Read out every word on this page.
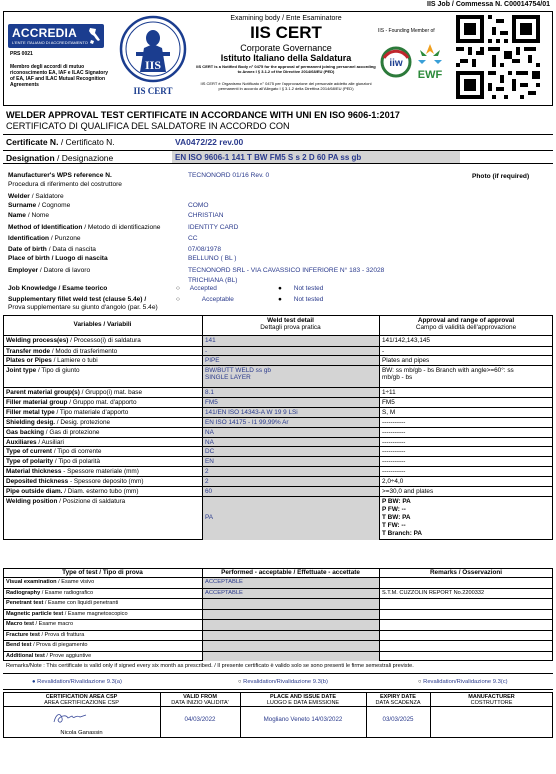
IIS Job / Commessa N. C00014754/01
ACCREDIA
L'ENTE ITALIANO DI ACCREDITAMENTO
PRS 0021
Membro degli accordi di mutuo riconoscimento EA, IAF e ILAC Signatory of EA, IAF and ILAC Mutual Recognition Agreements
IIS
IIS CERT
Examining body / Ente Esaminatore
IIS CERT
Corporate Governance
Istituto Italiano della Saldatura
IIS CERT is a Notified Body n° 0475 for the approval of permanent joining personnel according to Annex I § 3.1.2 of the Directive 2014/68/EU (PED)
IIS CERT è Organismo Notificato n° 0475 per l'approvazione del personale addetto alle giunzioni permanenti in accordo all'Allegato I § 3.1.2 della Direttiva 2014/68/EU (PED)
IIS - Founding Member of
iiw
EWF
WELDER APPROVAL TEST CERTIFICATE IN ACCORDANCE WITH UNI EN ISO 9606-1:2017
CERTIFICATO DI QUALIFICA DEL SALDATORE IN ACCORDO CON
Certificate N. / Certificato N.	VA0472/22 rev.00
Designation / Designazione	EN ISO 9606-1 141 T BW FM5 S s 2 D 60 PA ss gb
Manufacturer's WPS reference N.	TECNONORD 01/16 Rev. 0
Procedura di riferimento del costruttore
Welder / Saldatore
Surname / Cognome	COMO
Name / Nome	CHRISTIAN
Method of Identification / Metodo di identificazione	IDENTITY CARD
Identification / Punzone	CC
Date of birth / Data di nascita	07/08/1978
Place of birth / Luogo di nascita	BELLUNO ( BL )
Employer / Datore di lavoro	TECNONORD SRL - VIA CAVASSICO INFERIORE N° 183 - 32028
TRICHIANA (BL)
Photo (if required)
Job Knowledge / Esame teorico	○ Accepted	● Not tested
Supplementary fillet weld test (clause 5.4e) /
Prova supplementare su giunto d'angolo (par. 5.4e)
○	Acceptable	● Not tested
Variables / Variabili
Weld test detail
Dettagli prova pratica
Approval and range of approval
Campo di validità dell'approvazione
Welding process(es) / Processo(i) di saldatura	141	141/142,143,145
Transfer mode / Modo di trasferimento	-	-
Plates or Pipes / Lamiere o tubi	PIPE	Plates and pipes
Joint type / Tipo di giunto	BW/BUTT WELD ss gb
SINGLE LAYER
BW: ss mb/gb - bs Branch with angle>=60°: ss
mb/gb - bs
Parent material group(s) / Gruppo(i) mat. base	8.1	1÷11
Filler material group / Gruppo mat. d'apporto	FM5	FM5
Filler metal type / Tipo materiale d'apporto	141/EN ISO 14343-A W 19 9 LSi	S, M
Shielding desig. / Desig. protezione	EN ISO 14175 - I1 99,99% Ar	-----------
Gas backing / Gas di protezione	NA	-----------
Auxiliares / Ausiliari	NA	-----------
Type of current / Tipo di corrente	DC	-----------
Type of polarity / Tipo di polarità	EN	-----------
Material thickness - Spessore materiale (mm)	2	-----------
Deposited thickness - Spessore deposito (mm)	2	2,0÷4,0
Pipe outside diam. / Diam. esterno tubo (mm)	60	>=30,0 and plates
Welding position / Posizione di saldatura
PA
P BW: PA
P FW: --
T BW: PA
T FW: --
T Branch: PA
Type of test / Tipo di prova	Performed - acceptable / Effettuate - accettate	Remarks / Osservazioni
Visual examination / Esame visivo	ACCEPTABLE
Radiography / Esame radiografico	ACCEPTABLE	S.T.M. CUZZOLIN REPORT No.2200332
Penetrant test / Esame con liquidi penetranti
Magnetic particle test / Esame magnetoscopico
Macro test / Esame macro
Fracture test / Prova di frattura
Bend test / Prova di piegamento
Additional test / Prove aggiuntive
Remarks/Note : This certificate is valid only if signed every six month as prescribed. / Il presente certificato è valido solo se sono presenti le firme semestrali previste.
● Revalidation/Rivalidazione 9.3(a)	○ Revalidation/Rivalidazione 9.3(b)	○ Revalidation/Rivalidazione 9.3(c)
CERTIFICATION AREA CSP
AREA CERTIFICAZIONE CSP
VALID FROM
DATA INIZIO VALIDITA'
PLACE AND ISSUE DATE
LUOGO E DATA EMISSIONE
EXPIRY DATE
DATA SCADENZA
MANUFACTURER
COSTRUTTORE
Nicola Ganassin
04/03/2022	Mogliano Veneto 14/03/2022	03/03/2025
